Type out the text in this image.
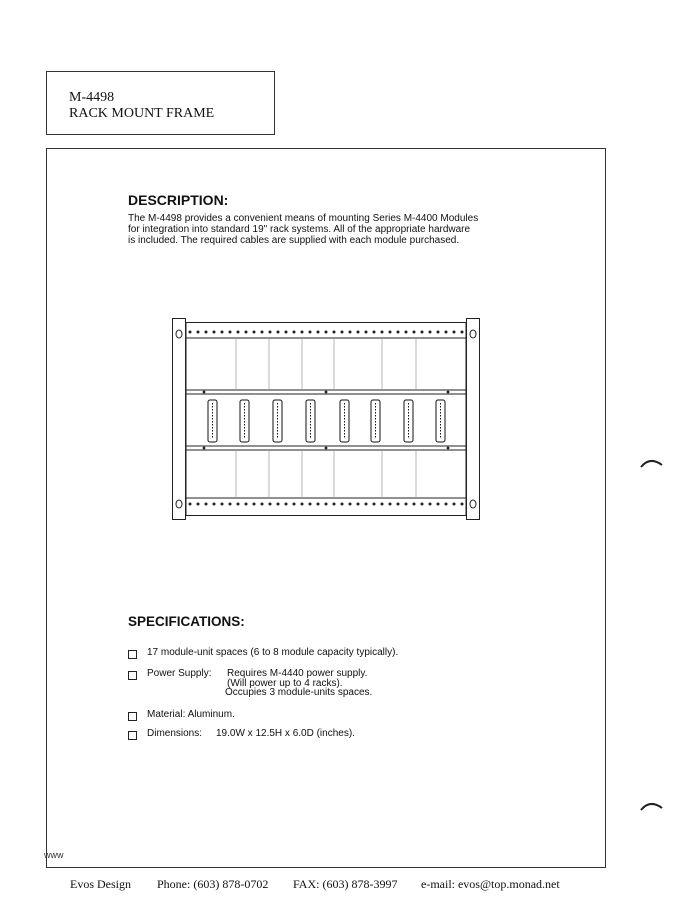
M-4498
RACK MOUNT FRAME
DESCRIPTION:
The M-4498 provides a convenient means of mounting Series M-4400 Modules
for integration into standard 19" rack systems. All of the appropriate hardware
is included. The required cables are supplied with each module purchased.
SPECIFICATIONS:
17 module-unit spaces (6 to 8 module capacity typically).
Power Supply: Requires M-4440 power supply.
(Will power up to 4 racks).
Occupies 3 module-units spaces.
Material: Aluminum.
Dimensions: 19.0W x 12.5H x 6.0D (inches).
www
Evos Design Phone: (603) 878-0702 FAX: (603) 878-3997 e-mail: evos@top.monad.net
